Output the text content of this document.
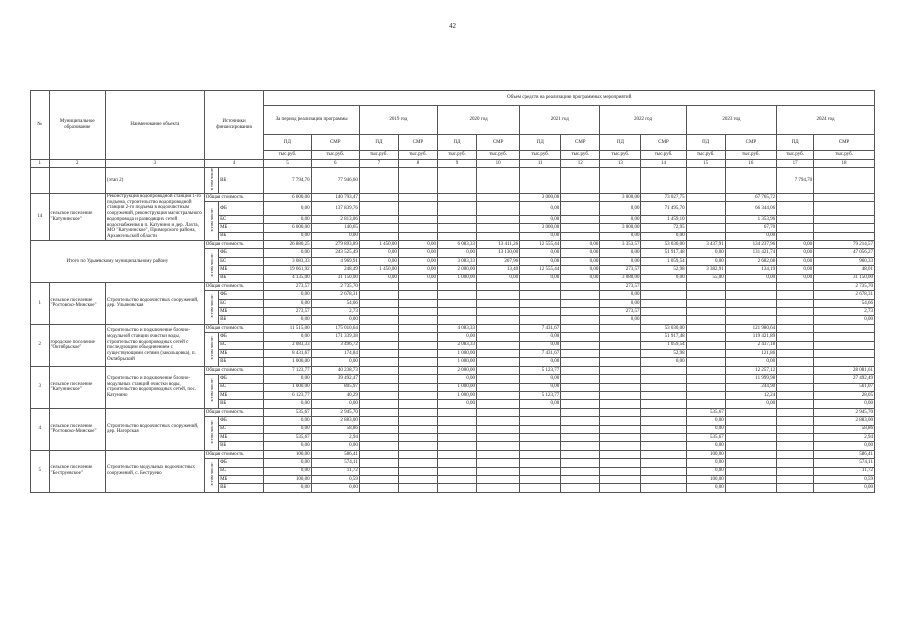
42
№	Муниципальное образование	Наименование объекта	Источники финансирования		Объем средств на реализацию программных мероприятий													
					За период реализации программы		2019 год		2020 год		2021 год		2022 год		2023 год		2024 год	
					ПД	СМР	ПД	СМР	ПД	СМР	ПД	СМР	ПД	СМР	ПД	СМР	ПД	СМР
					тыс.руб.	тыс.руб.	тыс.руб.	тыс.руб.	тыс.руб.	тыс.руб.	тыс.руб.	тыс.руб.	тыс.руб.	тыс.руб.	тыс.руб.	тыс.руб.	тыс.руб.	тыс.руб.
1	2	3	4		5	6	7	8	9	10	11	12	13	14	15	16	17	18
		(этап 2)	в том числе	ВБ	7 794,70	77 946,60											7 794,70	
14	сельское поселение "Катунинское"	Реконструкция водопроводной станции 1-го подъема, строительство водопроводной станции 2-го подъема в водоочистным сооружений, реконструкция магистрального водопровода и разводящих сетей водоснабжения в п. Катунино и дер. Лахта, МО "Катунинское", Приморского района, Архангельской области	Общая стоимость		6 000,00	140 793,47					3 000,00		3 000,00	73 027,75		67 765,72		
			в том числе:	ФБ	0,00	137 839,76					0,00		0,00	71 495,70		66 344,06		
				БС	0,00	2 813,06					0,00		0,00	1 459,10		1 353,96		
				МБ	6 000,00	140,65					3 000,00		3 000,00	72,95		67,70		
				ВБ	0,00	0,00					0,00		0,00	0,00		0,00		
Итого по Удьяевскому муниципальному району			Общая стоимость		26 880,25	279 893,89	1 450,00	0,00	6 083,33	13 411,26	12 555,44	0,00	3 353,57	53 030,00	3 437,91	134 237,96	0,00	79 214,57
			в том числе:	ФБ	0,00	243 525,49	0,00	0,00	0,00	13 130,00	0,00	0,00	0,00	51 917,48	0,00	131 421,74	0,00	47 056,27
				БС	3 083,33	4 969,91	0,00	0,00	3 083,33	267,96	0,00	0,00	0,00	1 059,54	0,00	2 682,08	0,00	960,33
				МБ	19 661,92	248,49	1 450,00	0,00	2 000,00	13,40	12 555,44	0,00	273,57	52,98	3 382,91	134,19	0,00	48,01
				ВБ	4 135,00	31 150,00	0,00	0,00	1 000,00	0,00	0,00	0,00	3 080,00	0,00	55,00	0,00	0,00	31 150,00
1	сельское поселение "Ростовско-Минское"	Строительство водоочистных сооружений, дер. Ульяновская	Общая стоимость		273,57	2 735,70							273,57					2 735,70
			в том числе:	ФБ	0,00	2 678,31							0,00					2 678,31
				БС	0,00	54,66							0,00					54,66
				МБ	273,57	2,73							273,57					2,73
				ВБ	0,00	0,00							0,00					0,00
2	городское поселение "Октябрьское"	Строительство и подключение блочно-модульной станции очистки воды, строительство водопроводных сетей с последующим объединением с существующими сетями (закольцовка), п. Октябрьский	Общая стоимость		11 515,00	175 010,64			4 083,33		7 431,67			53 030,00		121 980,64		
			в том числе:	ФБ	0,00	171 339,38			0,00		0,00			51 917,48		119 421,89		
				БС	2 083,33	3 496,72			2 083,33		0,00			1 059,54		2 437,18		
				МБ	8 431,67	174,84			1 000,00		7 431,67			52,98		121,86		
				ВБ	1 000,00	0,00			1 000,00		0,00			0,00		0,00		
3	сельское поселение "Катунинское"	Строительство и подключение блочно-модульных станций очистки воды, строительство водопроводных сетей, пос. Катунино	Общая стоимость		7 123,77	40 238,73			2 000,00		5 123,77					12 257,12		28 081,61
			в том числе:	ФБ	0,00	39 492,47			0,00		0,00					11 999,98		27 492,49
				БС	1 000,00	805,97			1 000,00		0,00					244,90		561,07
				МБ	6 123,77	40,29			1 000,00		5 123,77					12,24		28,05
				ВБ	0,00	0,00			0,00		0,00					0,00		0,00
4	сельское поселение "Ростовско-Минское"	Строительство водоочистных сооружений, дер. Нагорская	Общая стоимость		535,67	2 945,70									535,67			2 945,70
			в том числе:	ФБ	0,00	2 883,00									0,00			2 883,00
				БС	0,00	58,86									0,00			58,86
				МБ	535,67	2,94									535,67			2,94
				ВБ	0,00	0,00									0,00			0,00
5	сельское поселение "Беструевское"	Строительство модульных водоочистных сооружений, с. Беструево	Общая стоимость		100,00	586,41									100,00			586,41
			в том числе:	ФБ	0,00	574,11									0,00			574,11
				БС	0,00	11,72									0,00			11,72
				МБ	100,00	0,59									100,00			0,59
				ВБ	0,00	0,00									0,00			0,00
